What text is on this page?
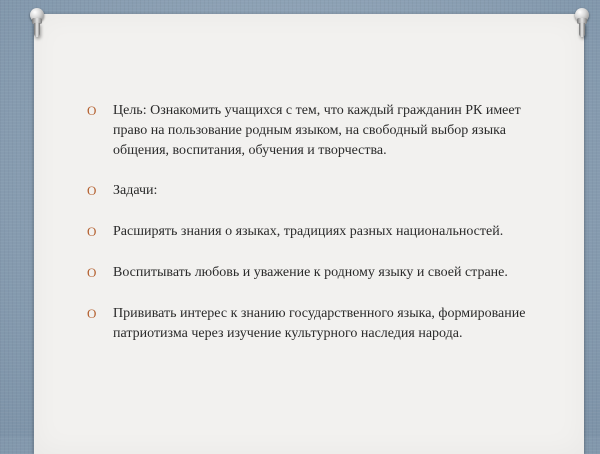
O Цель: Ознакомить учащихся с тем, что каждый гражданин РК имеет право на пользование родным языком, на свободный выбор языка общения, воспитания, обучения и творчества.
O Задачи:
O Расширять знания о языках, традициях разных национальностей.
O Воспитывать любовь и уважение к родному языку и своей стране.
O Прививать интерес к знанию государственного языка, формирование патриотизма через изучение культурного наследия народа.
